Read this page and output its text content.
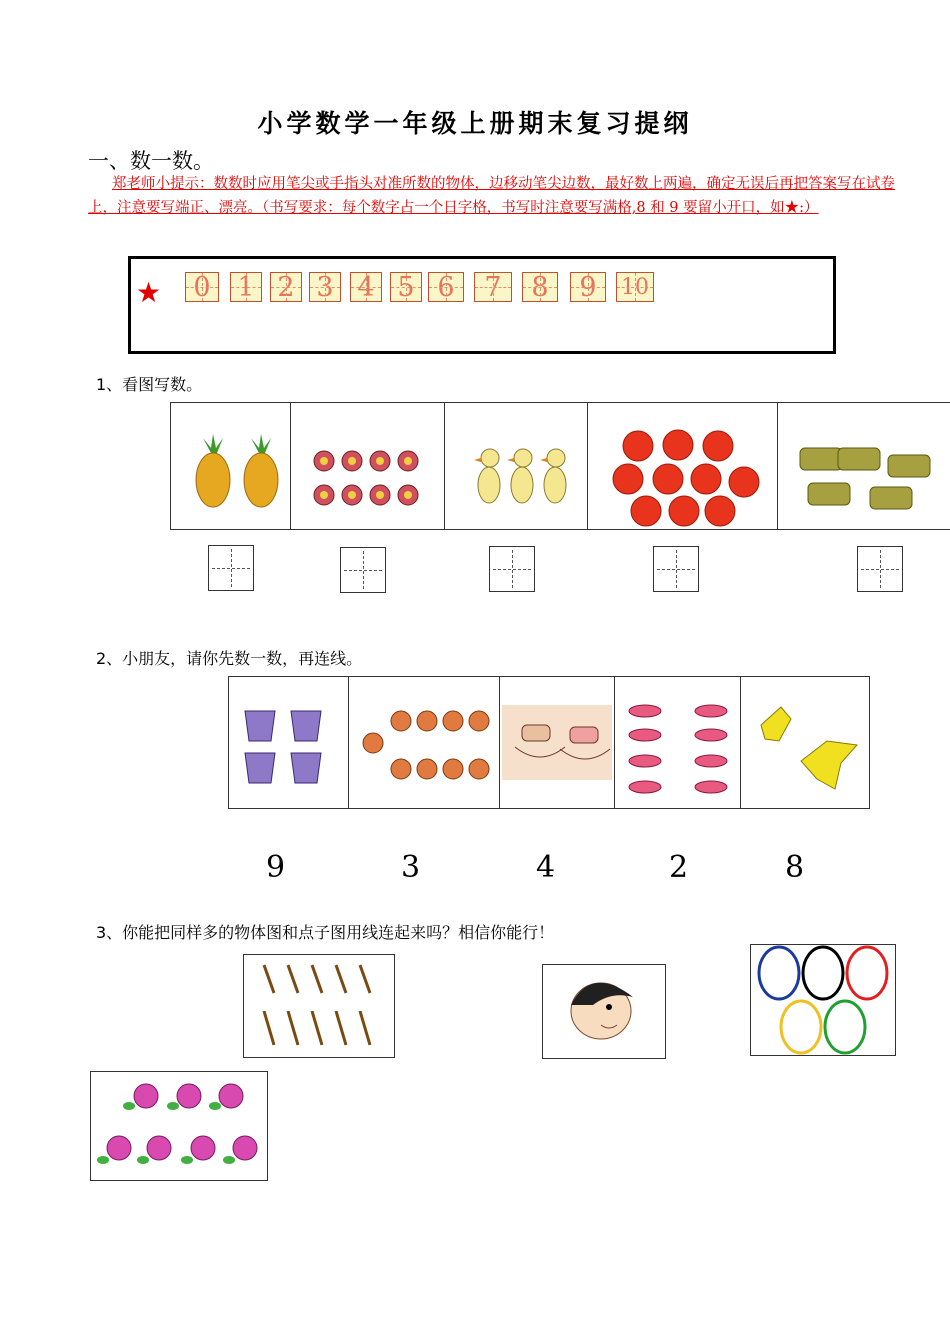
小学数学一年级上册期末复习提纲
一、数一数。
郑老师小提示：数数时应用笔尖或手指头对准所数的物体，边移动笔尖边数，最好数上两遍，确定无误后再把答案写在试卷上，注意要写端正、漂亮。（书写要求：每个数字占一个日字格，书写时注意要写满格,8 和 9 要留小开口，如★:）
★	0 1 2 3 4 5 6	7	8	9	10
1、看图写数。
2、小朋友，请你先数一数，再连线。
9	3	4	2	8
3、你能把同样多的物体图和点子图用线连起来吗？相信你能行！
